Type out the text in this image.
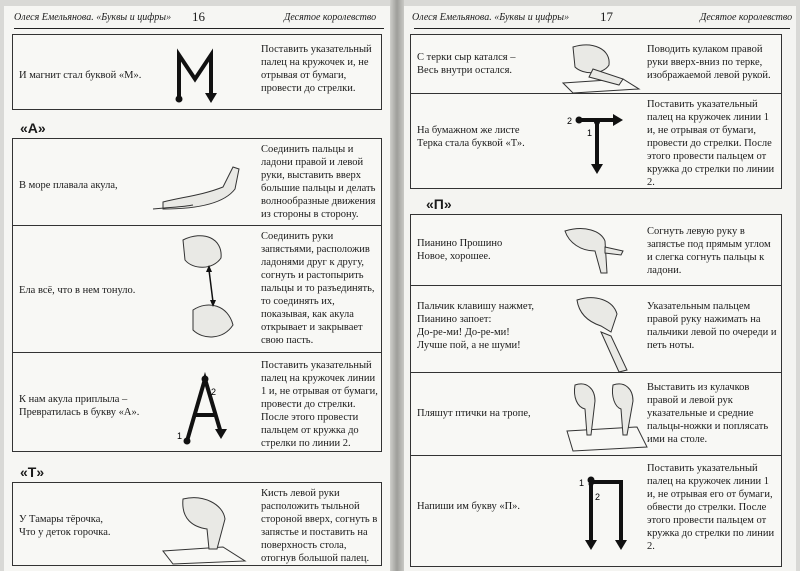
Олеся Емельянова. «Буквы и цифры» 16	Десятое королевство
И магнит стал буквой «М».
Поставить указательный палец на кружочек и, не отрывая от бумаги, провести до стрелки.
«А»
В море плавала акула,
Соединить пальцы и ладони правой и левой руки, выставить вверх большие пальцы и делать волнообразные движения из стороны в сторону.
Ела всё, что в нем тонуло.
Соединить руки запястьями, расположив ладонями друг к другу, согнуть и растопырить пальцы и то разъединять, то соединять их, показывая, как акула открывает и закрывает свою пасть.
К нам акула приплыла –
Превратилась в букву «А».
1
2
Поставить указательный палец на кружочек линии 1 и, не отрывая от бумаги, провести до стрелки. После этого провести пальцем от кружка до стрелки по линии 2.
«Т»
У Тамары тёрочка,
Что у деток горочка.
Кисть левой руки расположить тыльной стороной вверх, согнуть в запястье и поставить на поверхность стола, отогнув большой палец.
Олеся Емельянова. «Буквы и цифры» 17	Десятое королевство
С терки сыр катался –
Весь внутри остался.
Поводить кулаком правой руки вверх-вниз по терке, изображаемой левой рукой.
На бумажном же листе
Терка стала буквой «Т».
2
1
Поставить указательный палец на кружочек линии 1 и, не отрывая от бумаги, провести до стрелки. После этого провести пальцем от кружка до стрелки по линии 2.
«П»
Пианино Прошино
Новое, хорошее.
Согнуть левую руку в запястье под прямым углом и слегка согнуть пальцы к ладони.
Пальчик клавишу нажмет,
Пианино запоет:
До-ре-ми! До-ре-ми!
Лучше пой, а не шуми!
Указательным пальцем правой руку нажимать на пальчики левой по очереди и петь ноты.
Пляшут птички на тропе,
Выставить из кулачков правой и левой рук указательные и средние пальцы-ножки и поплясать ими на столе.
Напиши им букву «П».
1
2
Поставить указательный палец на кружочек линии 1 и, не отрывая его от бумаги, обвести до стрелки. После этого провести пальцем от кружка до стрелки по линии 2.
